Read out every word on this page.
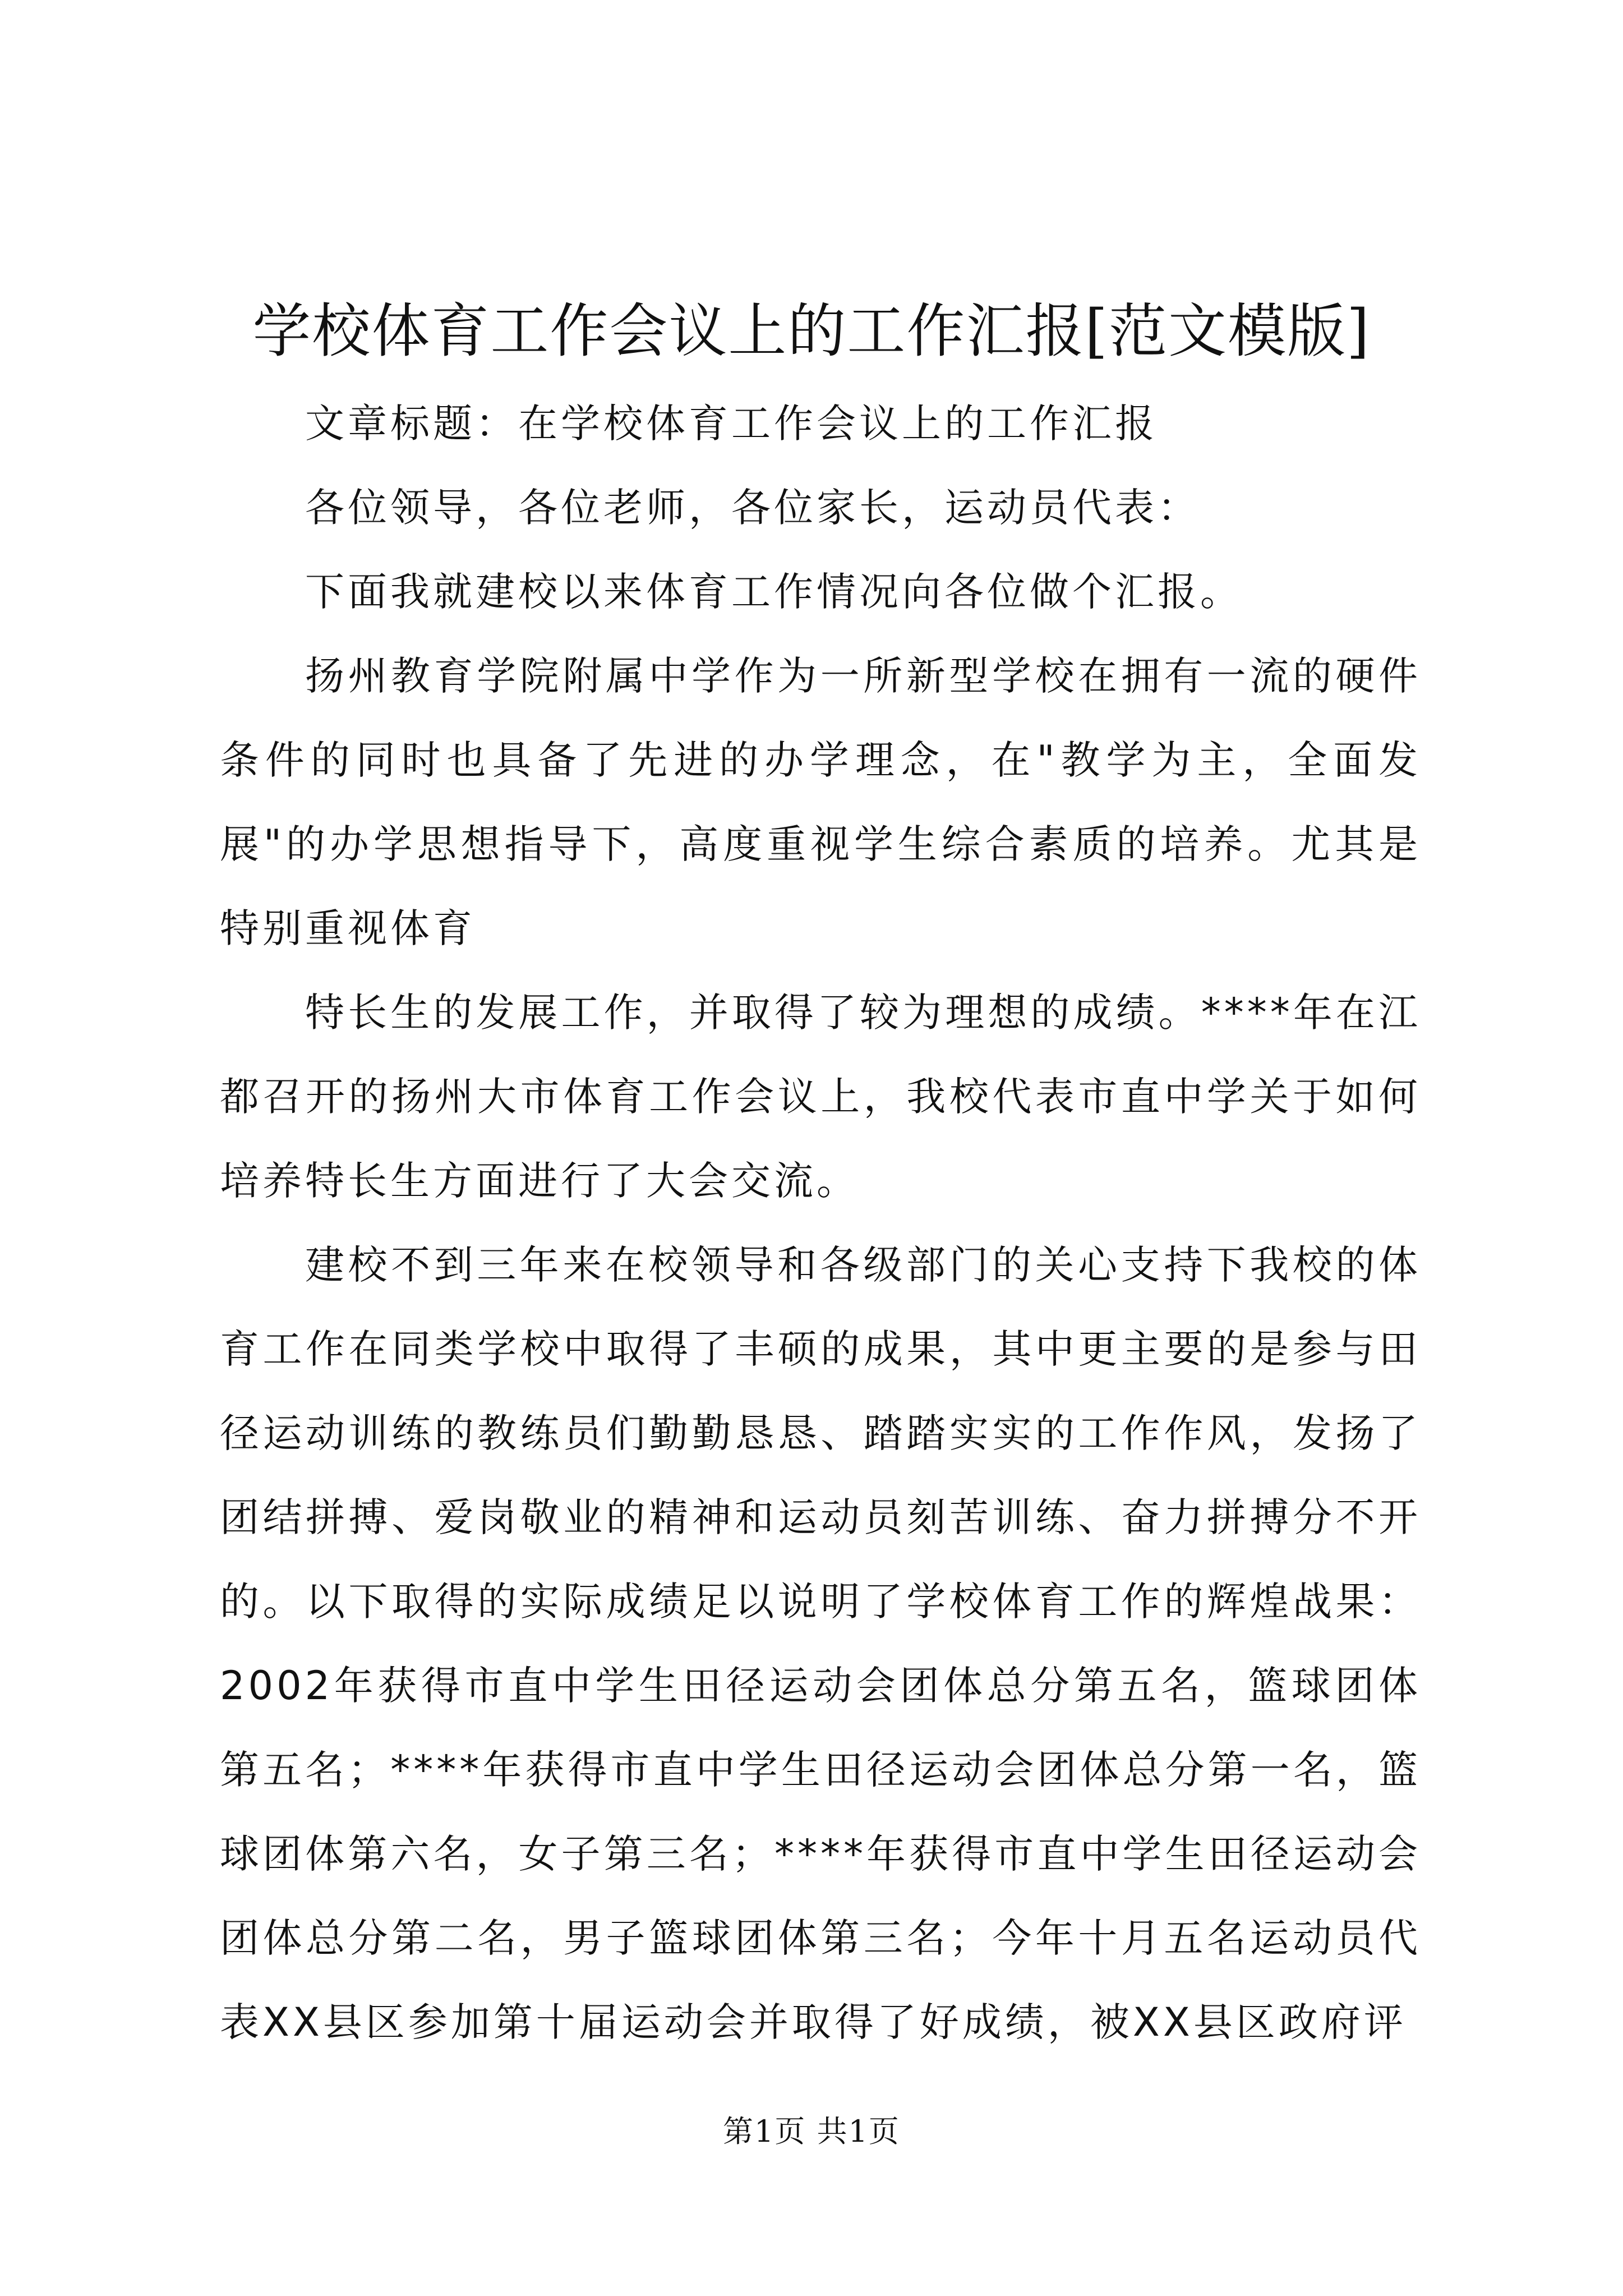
学校体育工作会议上的工作汇报[范文模版]

文章标题：在学校体育工作会议上的工作汇报

各位领导，各位老师，各位家长，运动员代表：

下面我就建校以来体育工作情况向各位做个汇报。

扬州教育学院附属中学作为一所新型学校在拥有一流的硬件条件的同时也具备了先进的办学理念，在"教学为主，全面发展"的办学思想指导下，高度重视学生综合素质的培养。尤其是特别重视体育

特长生的发展工作，并取得了较为理想的成绩。****年在江都召开的扬州大市体育工作会议上，我校代表市直中学关于如何培养特长生方面进行了大会交流。

建校不到三年来在校领导和各级部门的关心支持下我校的体育工作在同类学校中取得了丰硕的成果，其中更主要的是参与田径运动训练的教练员们勤勤恳恳、踏踏实实的工作作风，发扬了团结拼搏、爱岗敬业的精神和运动员刻苦训练、奋力拼搏分不开的。以下取得的实际成绩足以说明了学校体育工作的辉煌战果：2002年获得市直中学生田径运动会团体总分第五名，篮球团体第五名；****年获得市直中学生田径运动会团体总分第一名，篮球团体第六名，女子第三名；****年获得市直中学生田径运动会团体总分第二名，男子篮球团体第三名；今年十月五名运动员代表XX县区参加第十届运动会并取得了好成绩，被XX县区政府评

第1页 共1页
